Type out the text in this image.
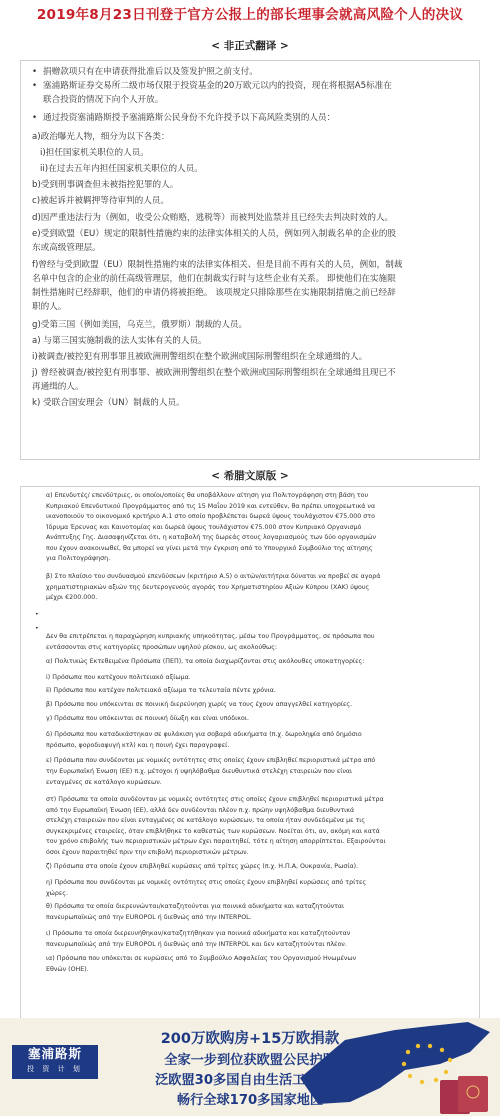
2019年8月23日刊登于官方公报上的部长理事会就高风险个人的决议
< 非正式翻译 >
< 希腊文原版 >
塞浦路斯
投 资 计 划
200万欧购房+15万欧捐款
全家一步到位获欧盟公民护照
泛欧盟30多国自由生活工作学习
畅行全球170多国家地区
• 捐赠款项只有在申请获得批准后以及签发护照之前支付。
• 塞浦路斯证券交易所二级市场仅限于投资基金的20万欧元以内的投资，现在将根据A5标准在
联合投资的情况下向个人开放。
• 通过投资塞浦路斯授予塞浦路斯公民身份不允许授予以下高风险类别的人员：
a)政治曝光人物，细分为以下各类：
i)担任国家机关职位的人员。
ii)在过去五年内担任国家机关职位的人员。
b)受到刑事调查但未被指控犯罪的人。
c)被起诉并被羁押等待审判的人员。
d)因严重违法行为（例如，收受公众贿赂，逃税等）而被判处监禁并且已经失去判决时效的人。
e)受到欧盟（EU）规定的限制性措施约束的法律实体相关的人员，例如列入制裁名单的企业的股
东或高级管理层。
f)曾经与受到欧盟（EU）限制性措施约束的法律实体相关、但是目前不再有关的人员，例如，制裁
名单中包含的企业的前任高级管理层，他们在制裁实行时与这些企业有关系。 即使他们在实施限
制性措施时已经辞职，他们的申请仍将被拒绝。 该项规定只排除那些在实施限制措施之前已经辞
职的人。
g)受第三国（例如美国，乌克兰，俄罗斯）制裁的人员。
a) 与第三国实施制裁的法人实体有关的人员。
i)被调查/被控犯有刑事罪且被欧洲刑警组织在整个欧洲或国际刑警组织在全球通缉的人。
j) 曾经被调查/被控犯有刑事罪、被欧洲刑警组织在整个欧洲或国际刑警组织在全球通缉且现已不
再通缉的人。
k) 受联合国安理会（UN）制裁的人员。
• α) Επενδυτές/ επενδύτριες, οι οποίοι/οποίες θα υποβάλλουν αίτηση για Πολιτογράφηση στη βάση του
Κυπριακού Επενδυτικού Προγράμματος από τις 15 Μαΐου 2019 και εντεύθεν, θα πρέπει υποχρεωτικά να
ικανοποιούν το οικονομικό κριτήριο Α.1 στο οποίο προβλέπεται δωρεά ύψους τουλάχιστον €75.000 στο
Ίδρυμα Έρευνας και Καινοτομίας και δωρεά ύψους τουλάχιστον €75.000 στον Κυπριακό Οργανισμό
Ανάπτυξης Γης. Διασαφηνίζεται ότι, η καταβολή της δωρεάς στους λογαριασμούς των δύο οργανισμών
που έχουν ανακοινωθεί, θα μπορεί να γίνει μετά την έγκριση από το Υπουργικό Συμβούλιο της αίτησης
για Πολιτογράφηση.
• β) Στο πλαίσιο του συνδυασμού επενδύσεων (κριτήριο Α.5) ο αιτών/αιτήτρια δύναται να προβεί σε αγορά
χρηματιστηριακών αξιών της δευτερογενούς αγοράς του Χρηματιστηρίου Αξιών Κύπρου (ΧΑΚ) ύψους
μέχρι €200.000.
• Δεν θα επιτρέπεται η παραχώρηση κυπριακής υπηκοότητας, μέσω του Προγράμματος, σε πρόσωπα που
εντάσσονται στις κατηγορίες προσώπων υψηλού ρίσκου, ως ακολούθως:
• α) Πολιτικώς Εκτεθειμένα Πρόσωπα (ΠΕΠ), τα οποία διαχωρίζονται στις ακόλουθες υποκατηγορίες:
• ⅰ) Πρόσωπα που κατέχουν πολιτειακό αξίωμα.
• ⅱ) Πρόσωπα που κατέχαν πολιτειακό αξίωμα τα τελευταία πέντε χρόνια.
• β) Πρόσωπα που υπόκεινται σε ποινική διερεύνηση χωρίς να τους έχουν απαγγελθεί κατηγορίες.
• γ) Πρόσωπα που υπόκεινται σε ποινική δίωξη και είναι υπόδικοι.
• δ) Πρόσωπα που καταδικάστηκαν σε φυλάκιση για σοβαρά αδικήματα (π.χ. δωροληψία από δημόσιο
πρόσωπο, φοροδιαφυγή κτλ) και η ποινή έχει παραγραφεί.
• ε) Πρόσωπα που συνδέονται με νομικές οντότητες στις οποίες έχουν επιβληθεί περιοριστικά μέτρα από
την Ευρωπαϊκή Ένωση (ΕΕ) π.χ. μέτοχοι ή υψηλόβαθμα διευθυντικά στελέχη εταιρειών που είναι
ενταγμένες σε κατάλογο κυρώσεων.
• στ) Πρόσωπα τα οποία συνδέονταν με νομικές οντότητες στις οποίες έχουν επιβληθεί περιοριστικά μέτρα
από την Ευρωπαϊκή Ένωση (ΕΕ), αλλά δεν συνδέονται πλέον π.χ. πρώην υψηλόβαθμα διευθυντικά
στελέχη εταιρειών που είναι ενταγμένες σε κατάλογο κυρώσεων, τα οποία ήταν συνδεδεμένα με τις
συγκεκριμένες εταιρείες, όταν επιβλήθηκε το καθεστώς των κυρώσεων. Νοείται ότι, αν, ακόμη και κατά
τον χρόνο επιβολής των περιοριστικών μέτρων έχει παραιτηθεί, τότε η αίτηση απορρίπτεται. Εξαιρούνται
όσοι έχουν παραιτηθεί πριν την επιβολή περιοριστικών μέτρων.
• ζ) Πρόσωπα στα οποία έχουν επιβληθεί κυρώσεις από τρίτες χώρες (π.χ. Η.Π.Α, Ουκρανία, Ρωσία).
• η) Πρόσωπα που συνδέονται με νομικές οντότητες στις οποίες έχουν επιβληθεί κυρώσεις από τρίτες
χώρες.
• θ) Πρόσωπα τα οποία διερευνώνται/καταζητούνται για ποινικά αδικήματα και καταζητούνται
πανευρωπαϊκώς από την EUROPOL ή διεθνώς από την INTERPOL.
• ι) Πρόσωπα τα οποία διερευνήθηκαν/καταζητήθηκαν για ποινικά αδικήματα και καταζητούνταν
πανευρωπαϊκώς από την EUROPOL ή διεθνώς από την INTERPOL και δεν καταζητούνται πλέον.
• ια) Πρόσωπα που υπόκειται σε κυρώσεις από το Συμβούλιο Ασφαλείας του Οργανισμού Ηνωμένων
Εθνών (ΟΗΕ).
